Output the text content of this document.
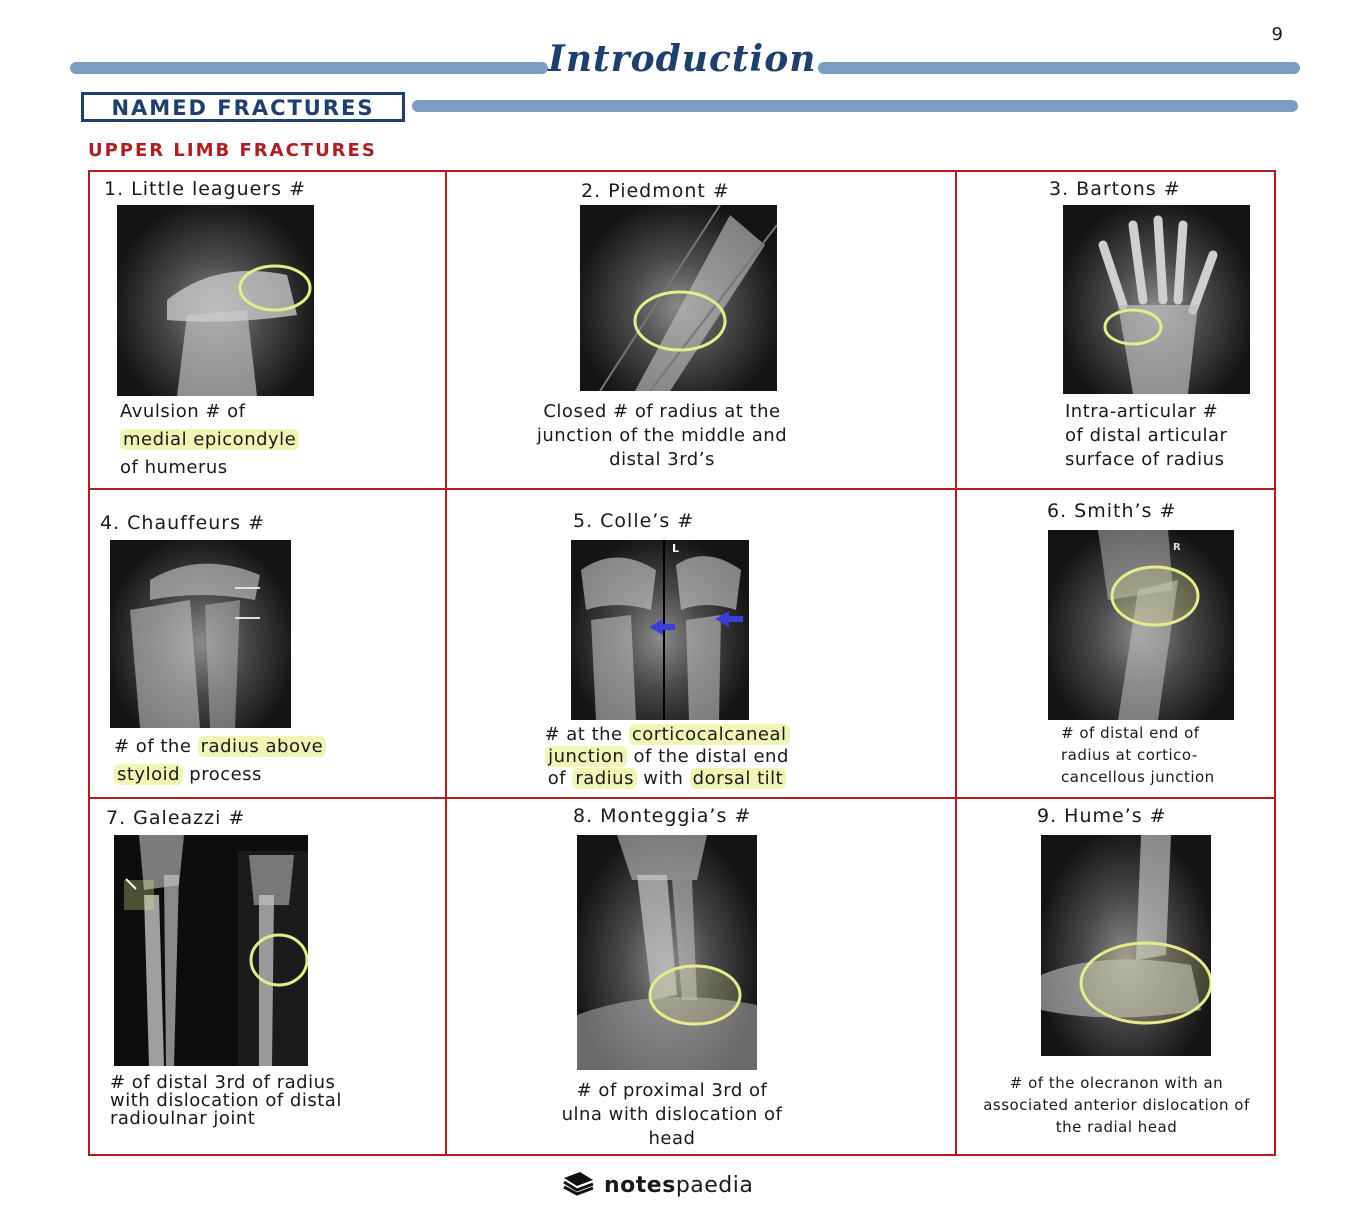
9
Introduction
NAMED FRACTURES
UPPER LIMB FRACTURES
1. Little leaguers #
Avulsion # of
medial epicondyle
of humerus
2. Piedmont #
Closed # of radius at the
junction of the middle and
distal 3rd’s
3. Bartons #
Intra-articular #
of distal articular
surface of radius
4. Chauffeurs #
# of the radius above
styloid process
5. Colle’s #
L
# at the corticocalcaneal
junction of the distal end
of radius with dorsal tilt
6. Smith’s #
R
# of distal end of
radius at cortico-
cancellous junction
7. Galeazzi #
# of distal 3rd of radius
with dislocation of distal
radioulnar joint
8. Monteggia’s #
# of proximal 3rd of
ulna with dislocation of
head
9. Hume’s #
# of the olecranon with an
associated anterior dislocation of
the radial head
notespaedia
